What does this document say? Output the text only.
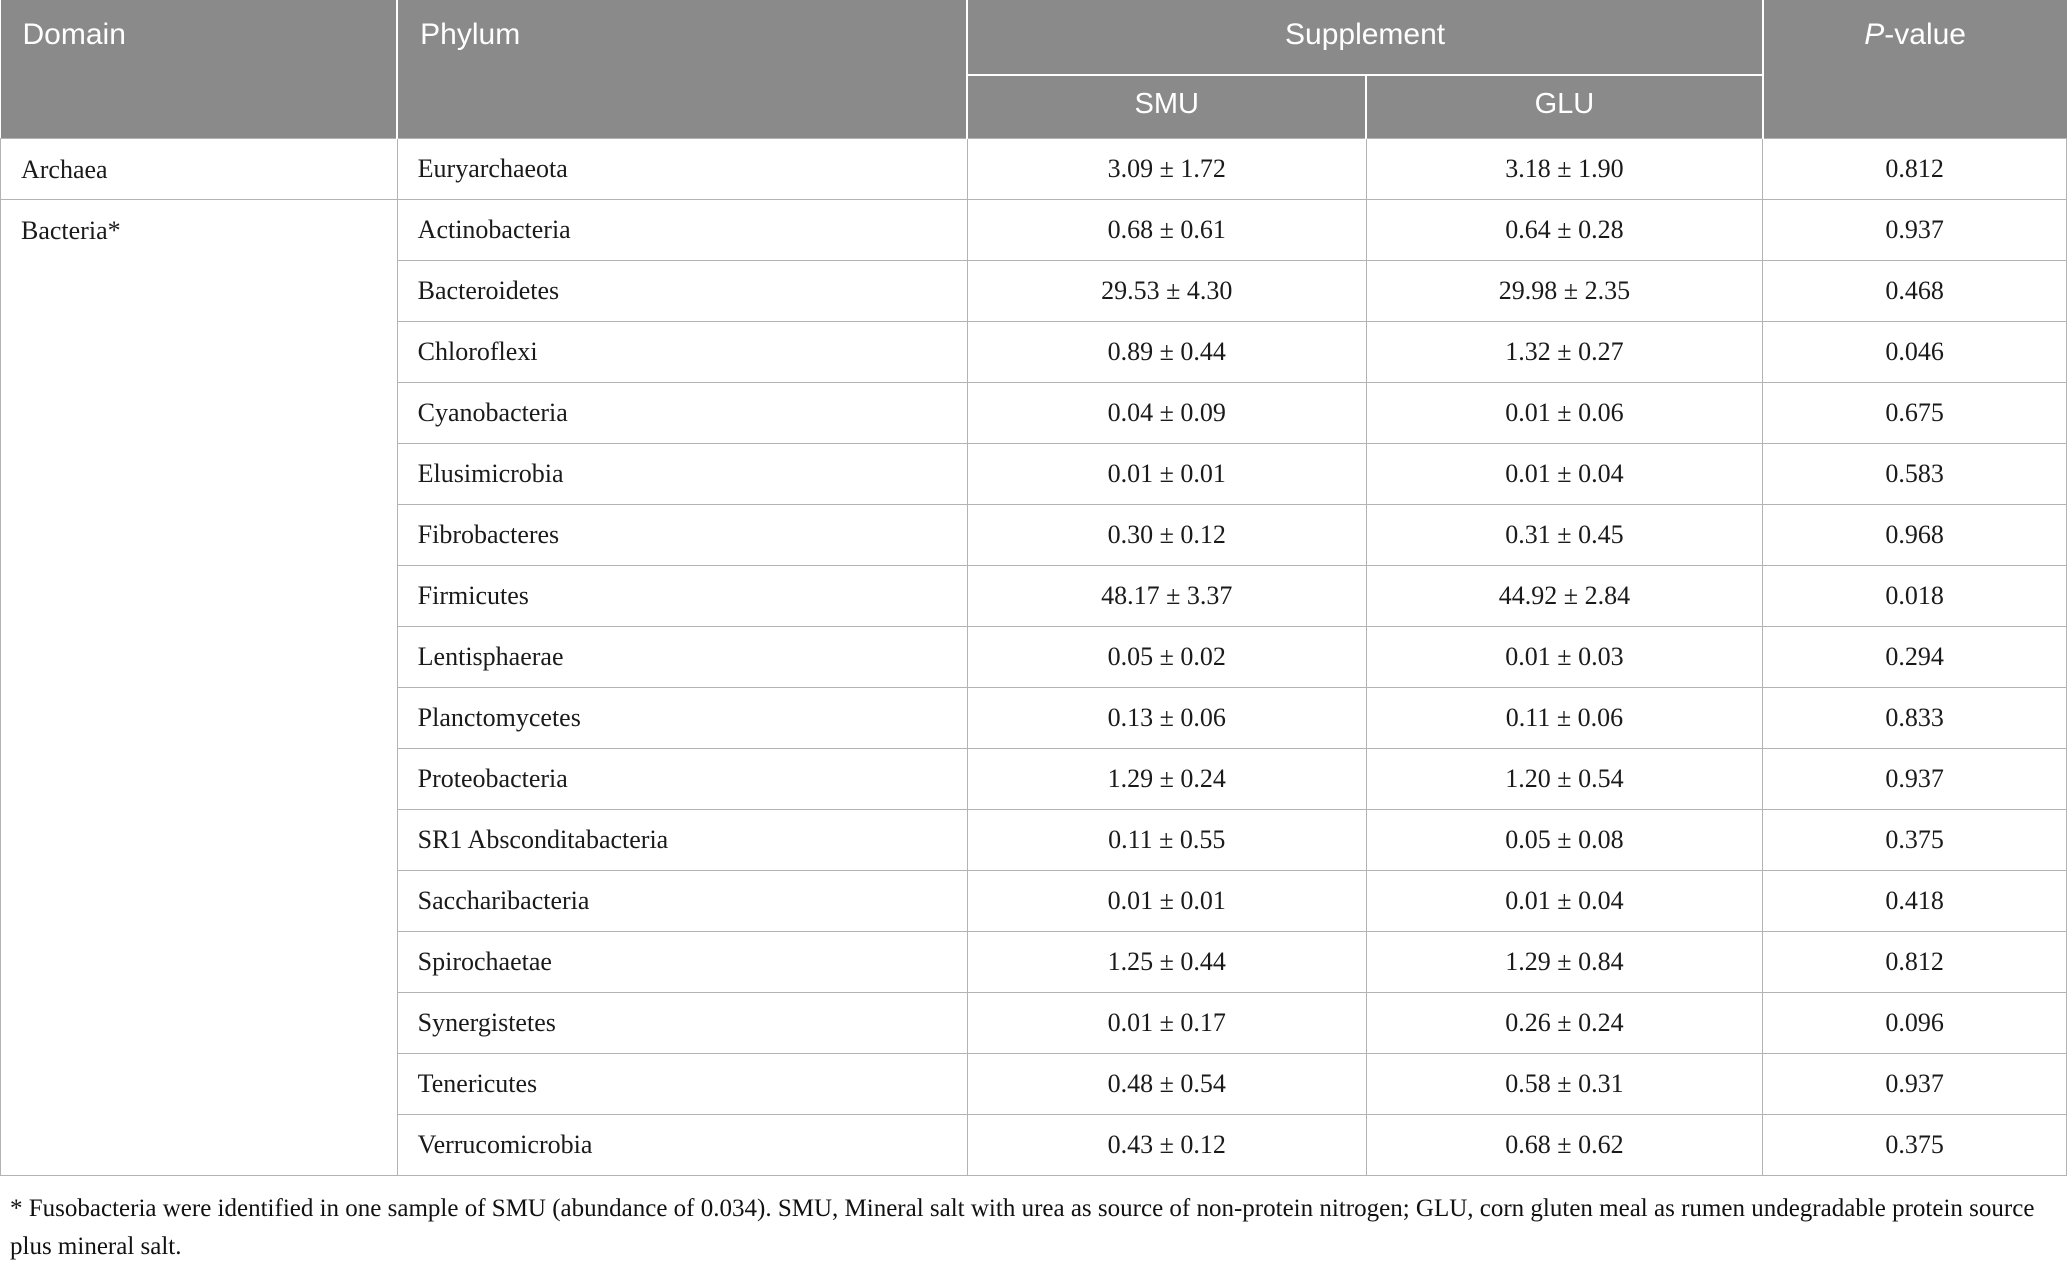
Domain	Phylum	Supplement		P-value
		SMU	GLU	
Archaea	Euryarchaeota	3.09 ± 1.72	3.18 ± 1.90	0.812
Bacteria*	Actinobacteria	0.68 ± 0.61	0.64 ± 0.28	0.937
	Bacteroidetes	29.53 ± 4.30	29.98 ± 2.35	0.468
	Chloroflexi	0.89 ± 0.44	1.32 ± 0.27	0.046
	Cyanobacteria	0.04 ± 0.09	0.01 ± 0.06	0.675
	Elusimicrobia	0.01 ± 0.01	0.01 ± 0.04	0.583
	Fibrobacteres	0.30 ± 0.12	0.31 ± 0.45	0.968
	Firmicutes	48.17 ± 3.37	44.92 ± 2.84	0.018
	Lentisphaerae	0.05 ± 0.02	0.01 ± 0.03	0.294
	Planctomycetes	0.13 ± 0.06	0.11 ± 0.06	0.833
	Proteobacteria	1.29 ± 0.24	1.20 ± 0.54	0.937
	SR1 Absconditabacteria	0.11 ± 0.55	0.05 ± 0.08	0.375
	Saccharibacteria	0.01 ± 0.01	0.01 ± 0.04	0.418
	Spirochaetae	1.25 ± 0.44	1.29 ± 0.84	0.812
	Synergistetes	0.01 ± 0.17	0.26 ± 0.24	0.096
	Tenericutes	0.48 ± 0.54	0.58 ± 0.31	0.937
	Verrucomicrobia	0.43 ± 0.12	0.68 ± 0.62	0.375

* Fusobacteria were identified in one sample of SMU (abundance of 0.034). SMU, Mineral salt with urea as source of non-protein nitrogen; GLU, corn gluten meal as rumen undegradable protein source plus mineral salt.
